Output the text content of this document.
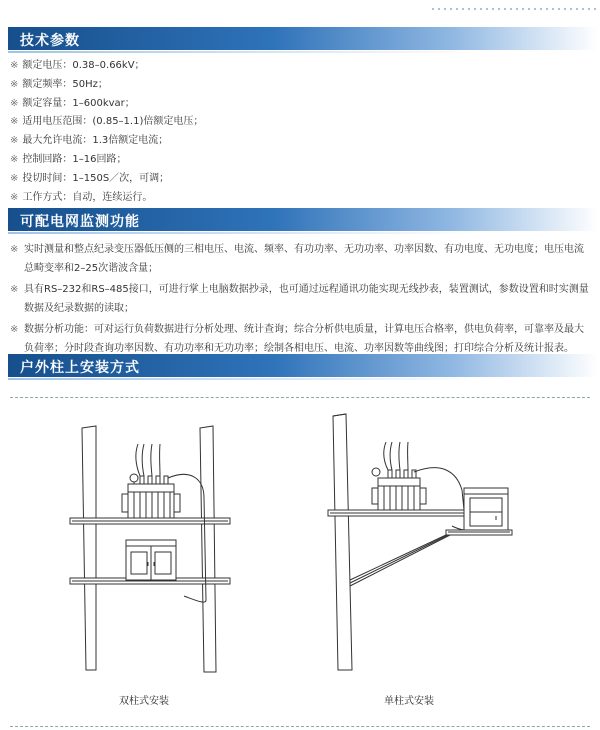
技术参数
※ 额定电压：0.38–0.66kV；
※ 额定频率：50Hz；
※ 额定容量：1–600kvar；
※ 适用电压范围：(0.85–1.1)倍额定电压；
※ 最大允许电流：1.3倍额定电流；
※ 控制回路：1–16回路；
※ 投切时间：1–150S／次，可调；
※ 工作方式：自动，连续运行。
可配电网监测功能
※ 实时测量和整点纪录变压器低压侧的三相电压、电流、频率、有功功率、无功功率、功率因数、有功电度、无功电度；电压电流总畸变率和2–25次谐波含量；
※ 具有RS–232和RS–485接口，可进行掌上电脑数据抄录，也可通过远程通讯功能实现无线抄表，装置测试，参数设置和时实测量数据及纪录数据的读取；
※ 数据分析功能：可对运行负荷数据进行分析处理、统计查询；综合分析供电质量，计算电压合格率，供电负荷率，可靠率及最大负荷率；分时段查询功率因数、有功功率和无功功率；绘制各相电压、电流、功率因数等曲线图；打印综合分析及统计报表。
户外柱上安装方式
双柱式安装	单柱式安装
